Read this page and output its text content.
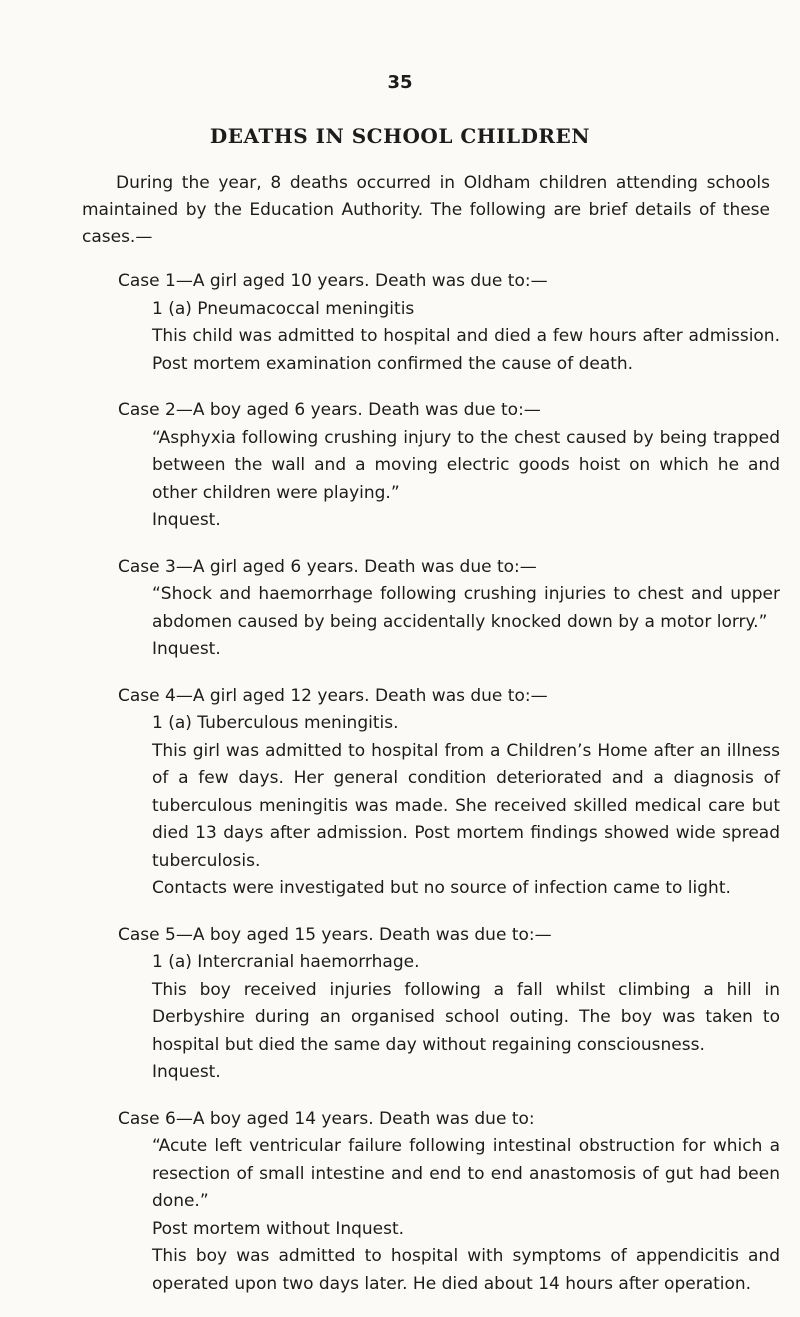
35
DEATHS IN SCHOOL CHILDREN

During the year, 8 deaths occurred in Oldham children attending schools maintained by the Education Authority. The following are brief details of these cases.—

Case 1—A girl aged 10 years. Death was due to:—

1 (a) Pneumacoccal meningitis

This child was admitted to hospital and died a few hours after admission. Post mortem examination confirmed the cause of death.

Case 2—A boy aged 6 years. Death was due to:—

“Asphyxia following crushing injury to the chest caused by being trapped between the wall and a moving electric goods hoist on which he and other children were playing.”

Inquest.

Case 3—A girl aged 6 years. Death was due to:—

“Shock and haemorrhage following crushing injuries to chest and upper abdomen caused by being accidentally knocked down by a motor lorry.”

Inquest.

Case 4—A girl aged 12 years. Death was due to:—

1 (a) Tuberculous meningitis.

This girl was admitted to hospital from a Children’s Home after an illness of a few days. Her general condition deteriorated and a diagnosis of tuberculous meningitis was made. She received skilled medical care but died 13 days after admission. Post mortem findings showed wide spread tuberculosis.

Contacts were investigated but no source of infection came to light.

Case 5—A boy aged 15 years. Death was due to:—

1 (a) Intercranial haemorrhage.

This boy received injuries following a fall whilst climbing a hill in Derbyshire during an organised school outing. The boy was taken to hospital but died the same day without regaining consciousness.

Inquest.

Case 6—A boy aged 14 years. Death was due to:

“Acute left ventricular failure following intestinal obstruction for which a resection of small intestine and end to end anastomosis of gut had been done.”

Post mortem without Inquest.

This boy was admitted to hospital with symptoms of appendicitis and operated upon two days later. He died about 14 hours after operation.
